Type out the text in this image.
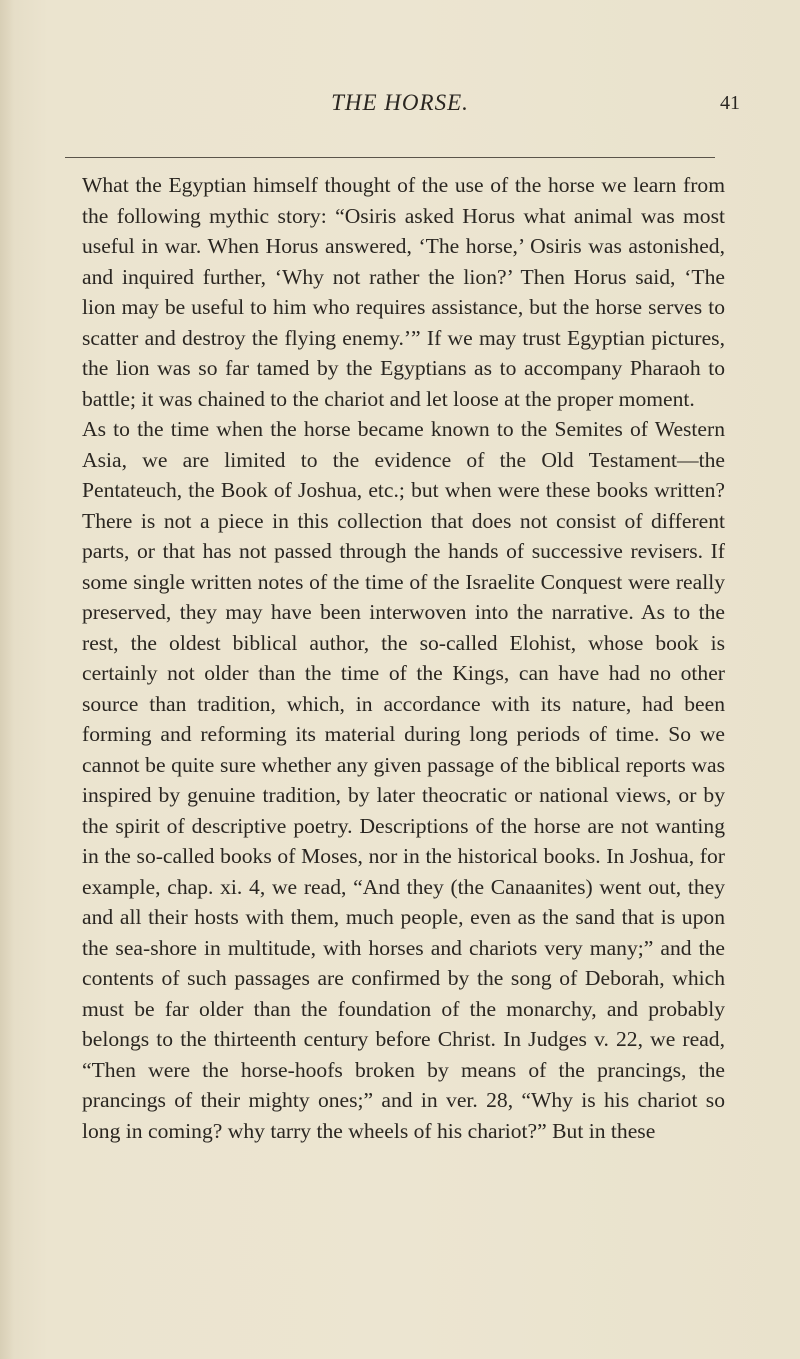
THE HORSE.	41

What the Egyptian himself thought of the use of the horse we learn from the following mythic story: “Osiris asked Horus what animal was most useful in war. When Horus answered, ‘The horse,’ Osiris was astonished, and inquired further, ‘Why not rather the lion?’ Then Horus said, ‘The lion may be useful to him who requires assistance, but the horse serves to scatter and destroy the flying enemy.’” If we may trust Egyptian pictures, the lion was so far tamed by the Egyptians as to accompany Pharaoh to battle; it was chained to the chariot and let loose at the proper moment.

As to the time when the horse became known to the Semites of Western Asia, we are limited to the evidence of the Old Testament—the Pentateuch, the Book of Joshua, etc.; but when were these books written? There is not a piece in this collection that does not consist of different parts, or that has not passed through the hands of successive revisers. If some single written notes of the time of the Israelite Conquest were really preserved, they may have been interwoven into the narrative. As to the rest, the oldest biblical author, the so-called Elohist, whose book is certainly not older than the time of the Kings, can have had no other source than tradition, which, in accordance with its nature, had been forming and reforming its material during long periods of time. So we cannot be quite sure whether any given passage of the biblical reports was inspired by genuine tradition, by later theocratic or national views, or by the spirit of descriptive poetry. Descriptions of the horse are not wanting in the so-called books of Moses, nor in the historical books. In Joshua, for example, chap. xi. 4, we read, “And they (the Canaanites) went out, they and all their hosts with them, much people, even as the sand that is upon the sea-shore in multitude, with horses and chariots very many;” and the contents of such passages are confirmed by the song of Deborah, which must be far older than the foundation of the monarchy, and probably belongs to the thirteenth century before Christ. In Judges v. 22, we read, “Then were the horse-hoofs broken by means of the prancings, the prancings of their mighty ones;” and in ver. 28, “Why is his chariot so long in coming? why tarry the wheels of his chariot?” But in these
